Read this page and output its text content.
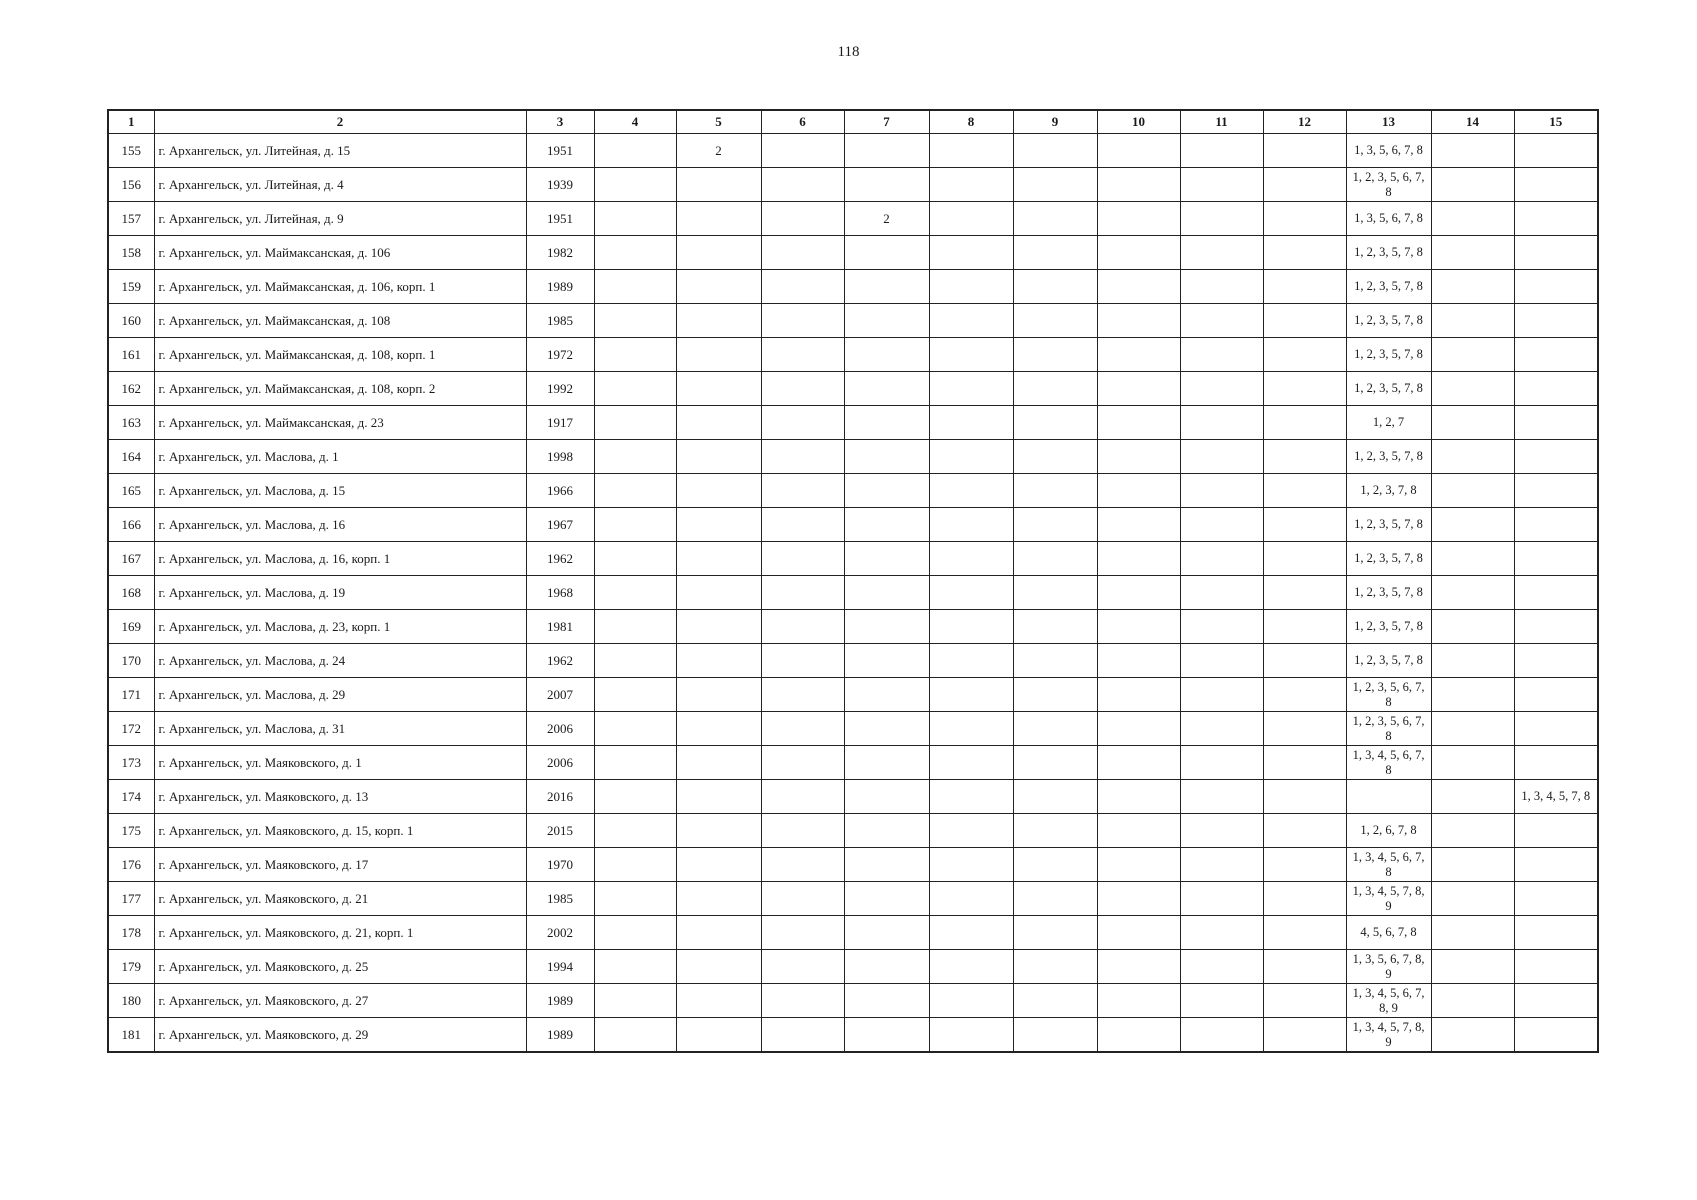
118
1	2	3	4	5	6	7	8	9	10	11	12	13	14	15
155	г. Архангельск, ул. Литейная, д. 15	1951		2								1, 3, 5, 6, 7, 8		
156	г. Архангельск, ул. Литейная, д. 4	1939										1, 2, 3, 5, 6, 7, 8		
157	г. Архангельск, ул. Литейная, д. 9	1951				2						1, 3, 5, 6, 7, 8		
158	г. Архангельск, ул. Маймаксанская, д. 106	1982										1, 2, 3, 5, 7, 8		
159	г. Архангельск, ул. Маймаксанская, д. 106, корп. 1	1989										1, 2, 3, 5, 7, 8		
160	г. Архангельск, ул. Маймаксанская, д. 108	1985										1, 2, 3, 5, 7, 8		
161	г. Архангельск, ул. Маймаксанская, д. 108, корп. 1	1972										1, 2, 3, 5, 7, 8		
162	г. Архангельск, ул. Маймаксанская, д. 108, корп. 2	1992										1, 2, 3, 5, 7, 8		
163	г. Архангельск, ул. Маймаксанская, д. 23	1917										1, 2, 7		
164	г. Архангельск, ул. Маслова, д. 1	1998										1, 2, 3, 5, 7, 8		
165	г. Архангельск, ул. Маслова, д. 15	1966										1, 2, 3, 7, 8		
166	г. Архангельск, ул. Маслова, д. 16	1967										1, 2, 3, 5, 7, 8		
167	г. Архангельск, ул. Маслова, д. 16, корп. 1	1962										1, 2, 3, 5, 7, 8		
168	г. Архангельск, ул. Маслова, д. 19	1968										1, 2, 3, 5, 7, 8		
169	г. Архангельск, ул. Маслова, д. 23, корп. 1	1981										1, 2, 3, 5, 7, 8		
170	г. Архангельск, ул. Маслова, д. 24	1962										1, 2, 3, 5, 7, 8		
171	г. Архангельск, ул. Маслова, д. 29	2007										1, 2, 3, 5, 6, 7, 8		
172	г. Архангельск, ул. Маслова, д. 31	2006										1, 2, 3, 5, 6, 7, 8		
173	г. Архангельск, ул. Маяковского, д. 1	2006										1, 3, 4, 5, 6, 7, 8		
174	г. Архангельск, ул. Маяковского, д. 13	2016												1, 3, 4, 5, 7, 8
175	г. Архангельск, ул. Маяковского, д. 15, корп. 1	2015										1, 2, 6, 7, 8		
176	г. Архангельск, ул. Маяковского, д. 17	1970										1, 3, 4, 5, 6, 7, 8		
177	г. Архангельск, ул. Маяковского, д. 21	1985										1, 3, 4, 5, 7, 8, 9		
178	г. Архангельск, ул. Маяковского, д. 21, корп. 1	2002										4, 5, 6, 7, 8		
179	г. Архангельск, ул. Маяковского, д. 25	1994										1, 3, 5, 6, 7, 8, 9		
180	г. Архангельск, ул. Маяковского, д. 27	1989										1, 3, 4, 5, 6, 7, 8, 9		
181	г. Архангельск, ул. Маяковского, д. 29	1989										1, 3, 4, 5, 7, 8, 9		
